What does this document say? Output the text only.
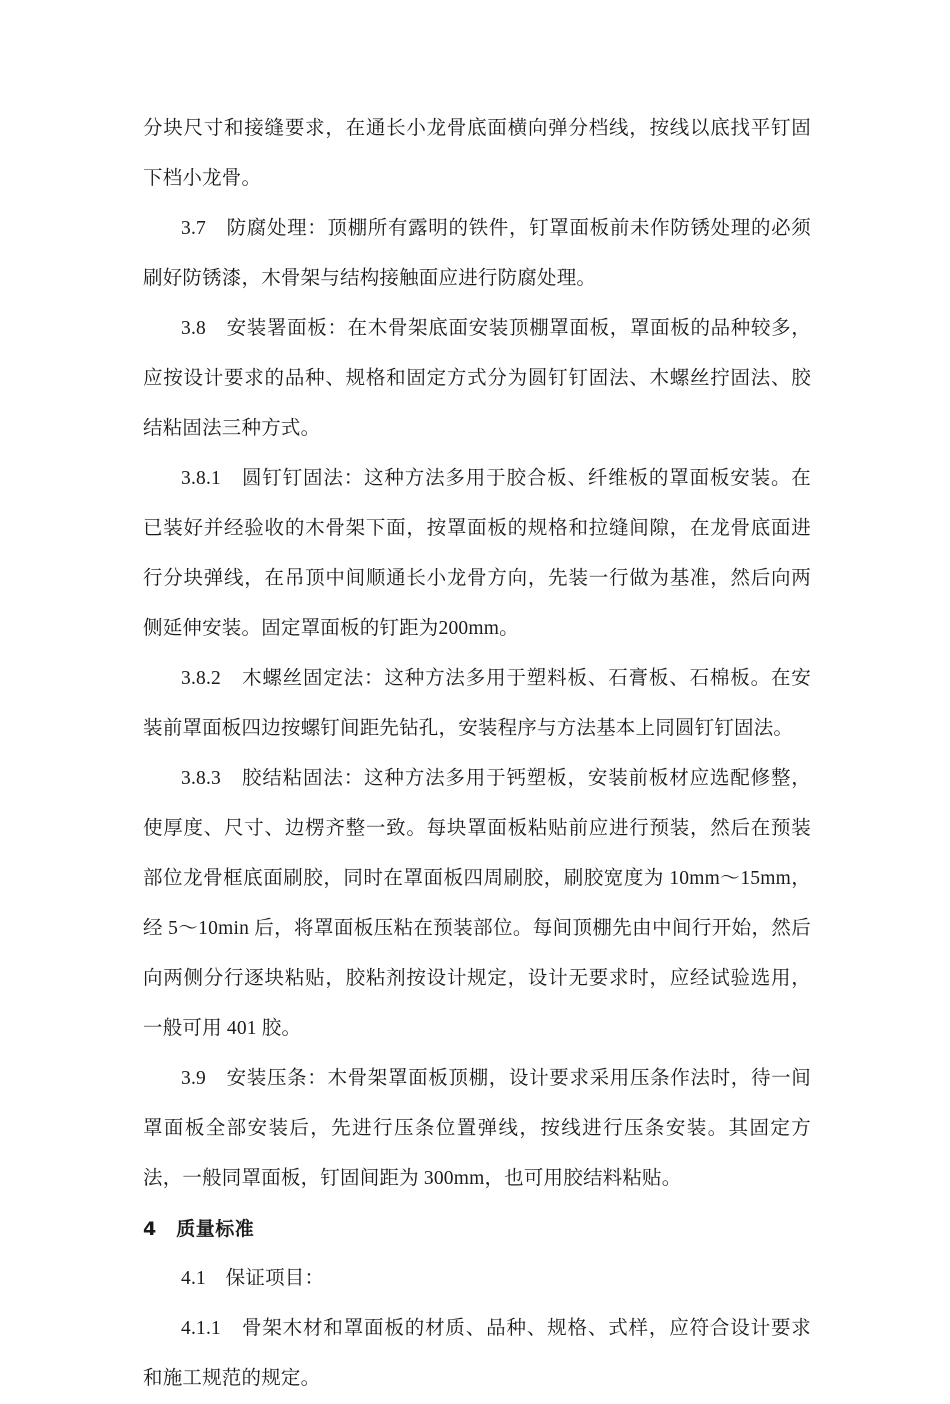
分块尺寸和接缝要求，在通长小龙骨底面横向弹分档线，按线以底找平钉固下档小龙骨。

3.7　防腐处理：顶棚所有露明的铁件，钉罩面板前未作防锈处理的必须刷好防锈漆，木骨架与结构接触面应进行防腐处理。

3.8　安装署面板：在木骨架底面安装顶棚罩面板，罩面板的品种较多，应按设计要求的品种、规格和固定方式分为圆钉钉固法、木螺丝拧固法、胶结粘固法三种方式。

3.8.1　圆钉钉固法：这种方法多用于胶合板、纤维板的罩面板安装。在已装好并经验收的木骨架下面，按罩面板的规格和拉缝间隙，在龙骨底面进行分块弹线，在吊顶中间顺通长小龙骨方向，先装一行做为基准，然后向两侧延伸安装。固定罩面板的钉距为200mm。

3.8.2　木螺丝固定法：这种方法多用于塑料板、石膏板、石棉板。在安装前罩面板四边按螺钉间距先钻孔，安装程序与方法基本上同圆钉钉固法。

3.8.3　胶结粘固法：这种方法多用于钙塑板，安装前板材应选配修整，使厚度、尺寸、边楞齐整一致。每块罩面板粘贴前应进行预装，然后在预装部位龙骨框底面刷胶，同时在罩面板四周刷胶，刷胶宽度为 10mm～15mm，经 5～10min 后，将罩面板压粘在预装部位。每间顶棚先由中间行开始，然后向两侧分行逐块粘贴，胶粘剂按设计规定，设计无要求时，应经试验选用，一般可用 401 胶。

3.9　安装压条：木骨架罩面板顶棚，设计要求采用压条作法时，待一间罩面板全部安装后，先进行压条位置弹线，按线进行压条安装。其固定方法，一般同罩面板，钉固间距为 300mm，也可用胶结料粘贴。

4　质量标准

4.1　保证项目：

4.1.1　骨架木材和罩面板的材质、品种、规格、式样，应符合设计要求和施工规范的规定。
